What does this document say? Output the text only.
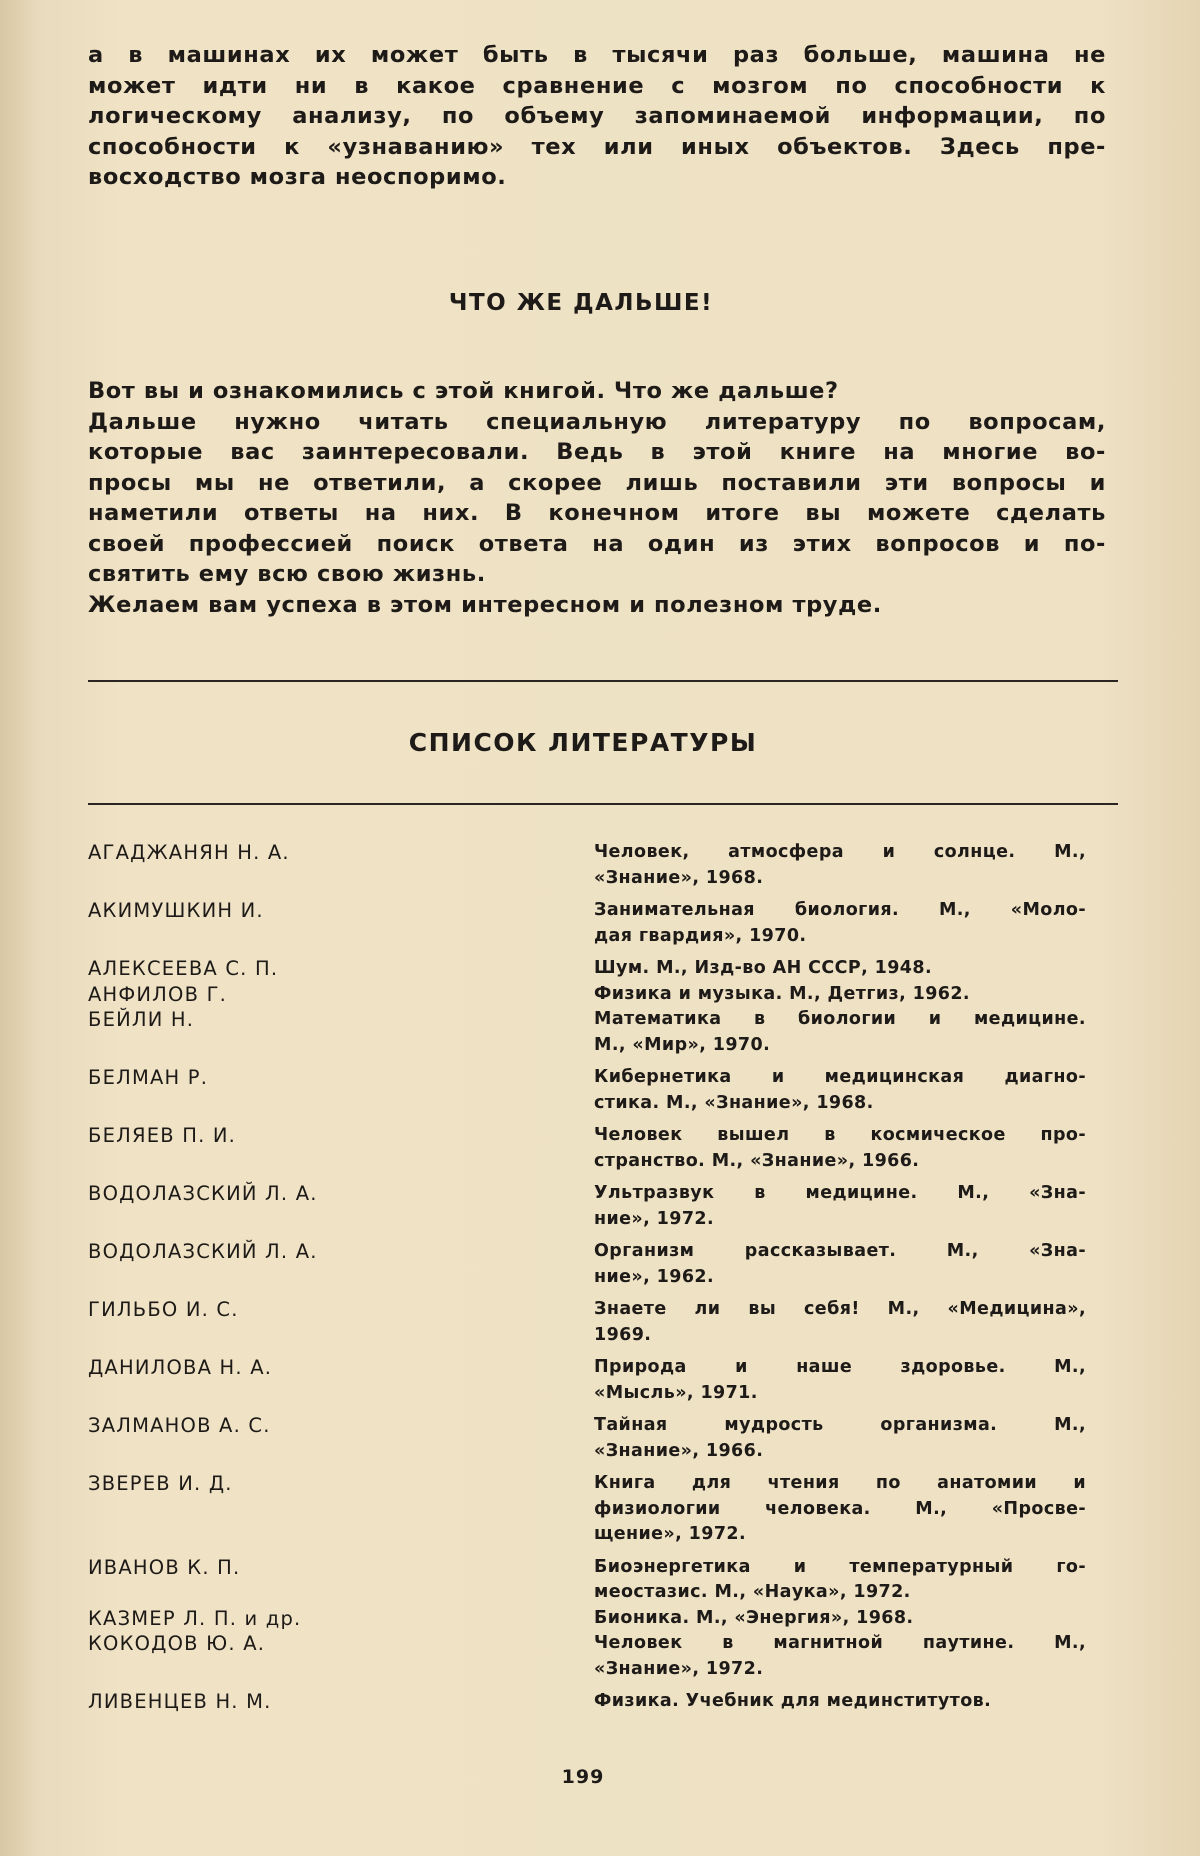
а в машинах их может быть в тысячи раз больше, машина не
может идти ни в какое сравнение с мозгом по способности к
логическому анализу, по объему запоминаемой информации, по
способности к «узнаванию» тех или иных объектов. Здесь пре-
восходство мозга неоспоримо.
ЧТО ЖЕ ДАЛЬШЕ!
Вот вы и ознакомились с этой книгой. Что же дальше?
Дальше нужно читать специальную литературу по вопросам,
которые вас заинтересовали. Ведь в этой книге на многие во-
просы мы не ответили, а скорее лишь поставили эти вопросы и
наметили ответы на них. В конечном итоге вы можете сделать
своей профессией поиск ответа на один из этих вопросов и по-
святить ему всю свою жизнь.
Желаем вам успеха в этом интересном и полезном труде.
СПИСОК ЛИТЕРАТУРЫ
АГАДЖАНЯН Н. А.	Человек, атмосфера и солнце. М.,
«Знание», 1968.
АКИМУШКИН И.	Занимательная биология. М., «Моло-
дая гвардия», 1970.
АЛЕКСЕЕВА С. П.	Шум. М., Изд-во АН СССР, 1948.
АНФИЛОВ Г.	Физика и музыка. М., Детгиз, 1962.
БЕЙЛИ Н.	Математика в биологии и медицине.
М., «Мир», 1970.
БЕЛМАН Р.	Кибернетика и медицинская диагно-
стика. М., «Знание», 1968.
БЕЛЯЕВ П. И.	Человек вышел в космическое про-
странство. М., «Знание», 1966.
ВОДОЛАЗСКИЙ Л. А.	Ультразвук в медицине. М., «Зна-
ние», 1972.
ВОДОЛАЗСКИЙ Л. А.	Организм рассказывает. М., «Зна-
ние», 1962.
ГИЛЬБО И. С.	Знаете ли вы себя! М., «Медицина»,
1969.
ДАНИЛОВА Н. А.	Природа и наше здоровье. М.,
«Мысль», 1971.
ЗАЛМАНОВ А. С.	Тайная мудрость организма. М.,
«Знание», 1966.
ЗВЕРЕВ И. Д.	Книга для чтения по анатомии и
физиологии человека. М., «Просве-
щение», 1972.
ИВАНОВ К. П.	Биоэнергетика и температурный го-
меостазис. М., «Наука», 1972.
КАЗМЕР Л. П. и др.	Бионика. М., «Энергия», 1968.
КОКОДОВ Ю. А.	Человек в магнитной паутине. М.,
«Знание», 1972.
ЛИВЕНЦЕВ Н. М.	Физика. Учебник для мединститутов.
199
